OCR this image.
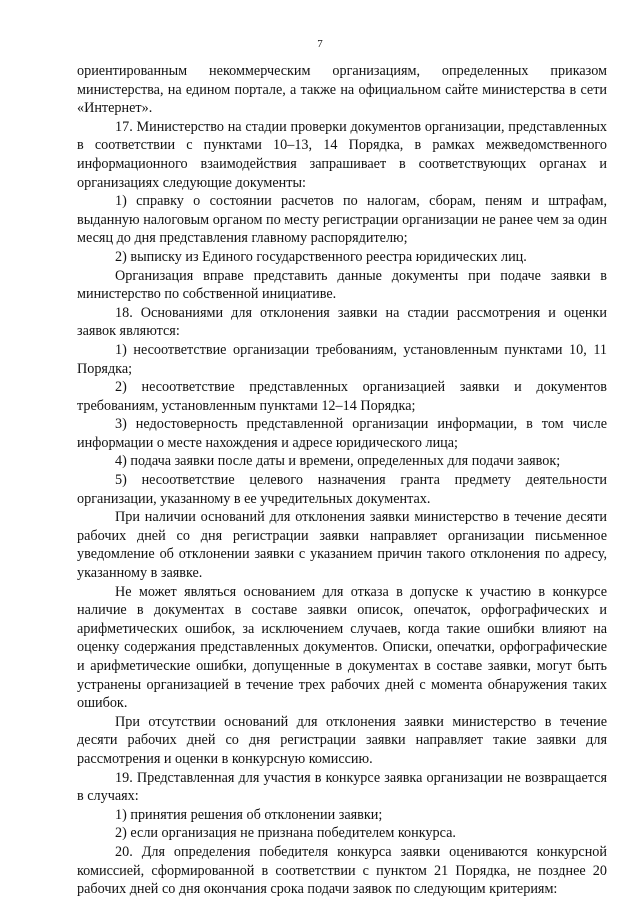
7

ориентированным некоммерческим организациям, определенных приказом министерства, на едином портале, а также на официальном сайте министерства в сети «Интернет».

17. Министерство на стадии проверки документов организации, представленных в соответствии с пунктами 10–13, 14 Порядка, в рамках межведомственного информационного взаимодействия запрашивает в соответствующих органах и организациях следующие документы:

1) справку о состоянии расчетов по налогам, сборам, пеням и штрафам, выданную налоговым органом по месту регистрации организации не ранее чем за один месяц до дня представления главному распорядителю;

2) выписку из Единого государственного реестра юридических лиц.

Организация вправе представить данные документы при подаче заявки в министерство по собственной инициативе.

18. Основаниями для отклонения заявки на стадии рассмотрения и оценки заявок являются:

1) несоответствие организации требованиям, установленным пунктами 10, 11 Порядка;

2) несоответствие представленных организацией заявки и документов требованиям, установленным пунктами 12–14 Порядка;

3) недостоверность представленной организации информации, в том числе информации о месте нахождения и адресе юридического лица;

4) подача заявки после даты и времени, определенных для подачи заявок;

5) несоответствие целевого назначения гранта предмету деятельности организации, указанному в ее учредительных документах.

При наличии оснований для отклонения заявки министерство в течение десяти рабочих дней со дня регистрации заявки направляет организации письменное уведомление об отклонении заявки с указанием причин такого отклонения по адресу, указанному в заявке.

Не может являться основанием для отказа в допуске к участию в конкурсе наличие в документах в составе заявки описок, опечаток, орфографических и арифметических ошибок, за исключением случаев, когда такие ошибки влияют на оценку содержания представленных документов. Описки, опечатки, орфографические и арифметические ошибки, допущенные в документах в составе заявки, могут быть устранены организацией в течение трех рабочих дней с момента обнаружения таких ошибок.

При отсутствии оснований для отклонения заявки министерство в течение десяти рабочих дней со дня регистрации заявки направляет такие заявки для рассмотрения и оценки в конкурсную комиссию.

19. Представленная для участия в конкурсе заявка организации не возвращается в случаях:

1) принятия решения об отклонении заявки;

2) если организация не признана победителем конкурса.

20. Для определения победителя конкурса заявки оцениваются конкурсной комиссией, сформированной в соответствии с пунктом 21 Порядка, не позднее 20 рабочих дней со дня окончания срока подачи заявок по следующим критериям:
